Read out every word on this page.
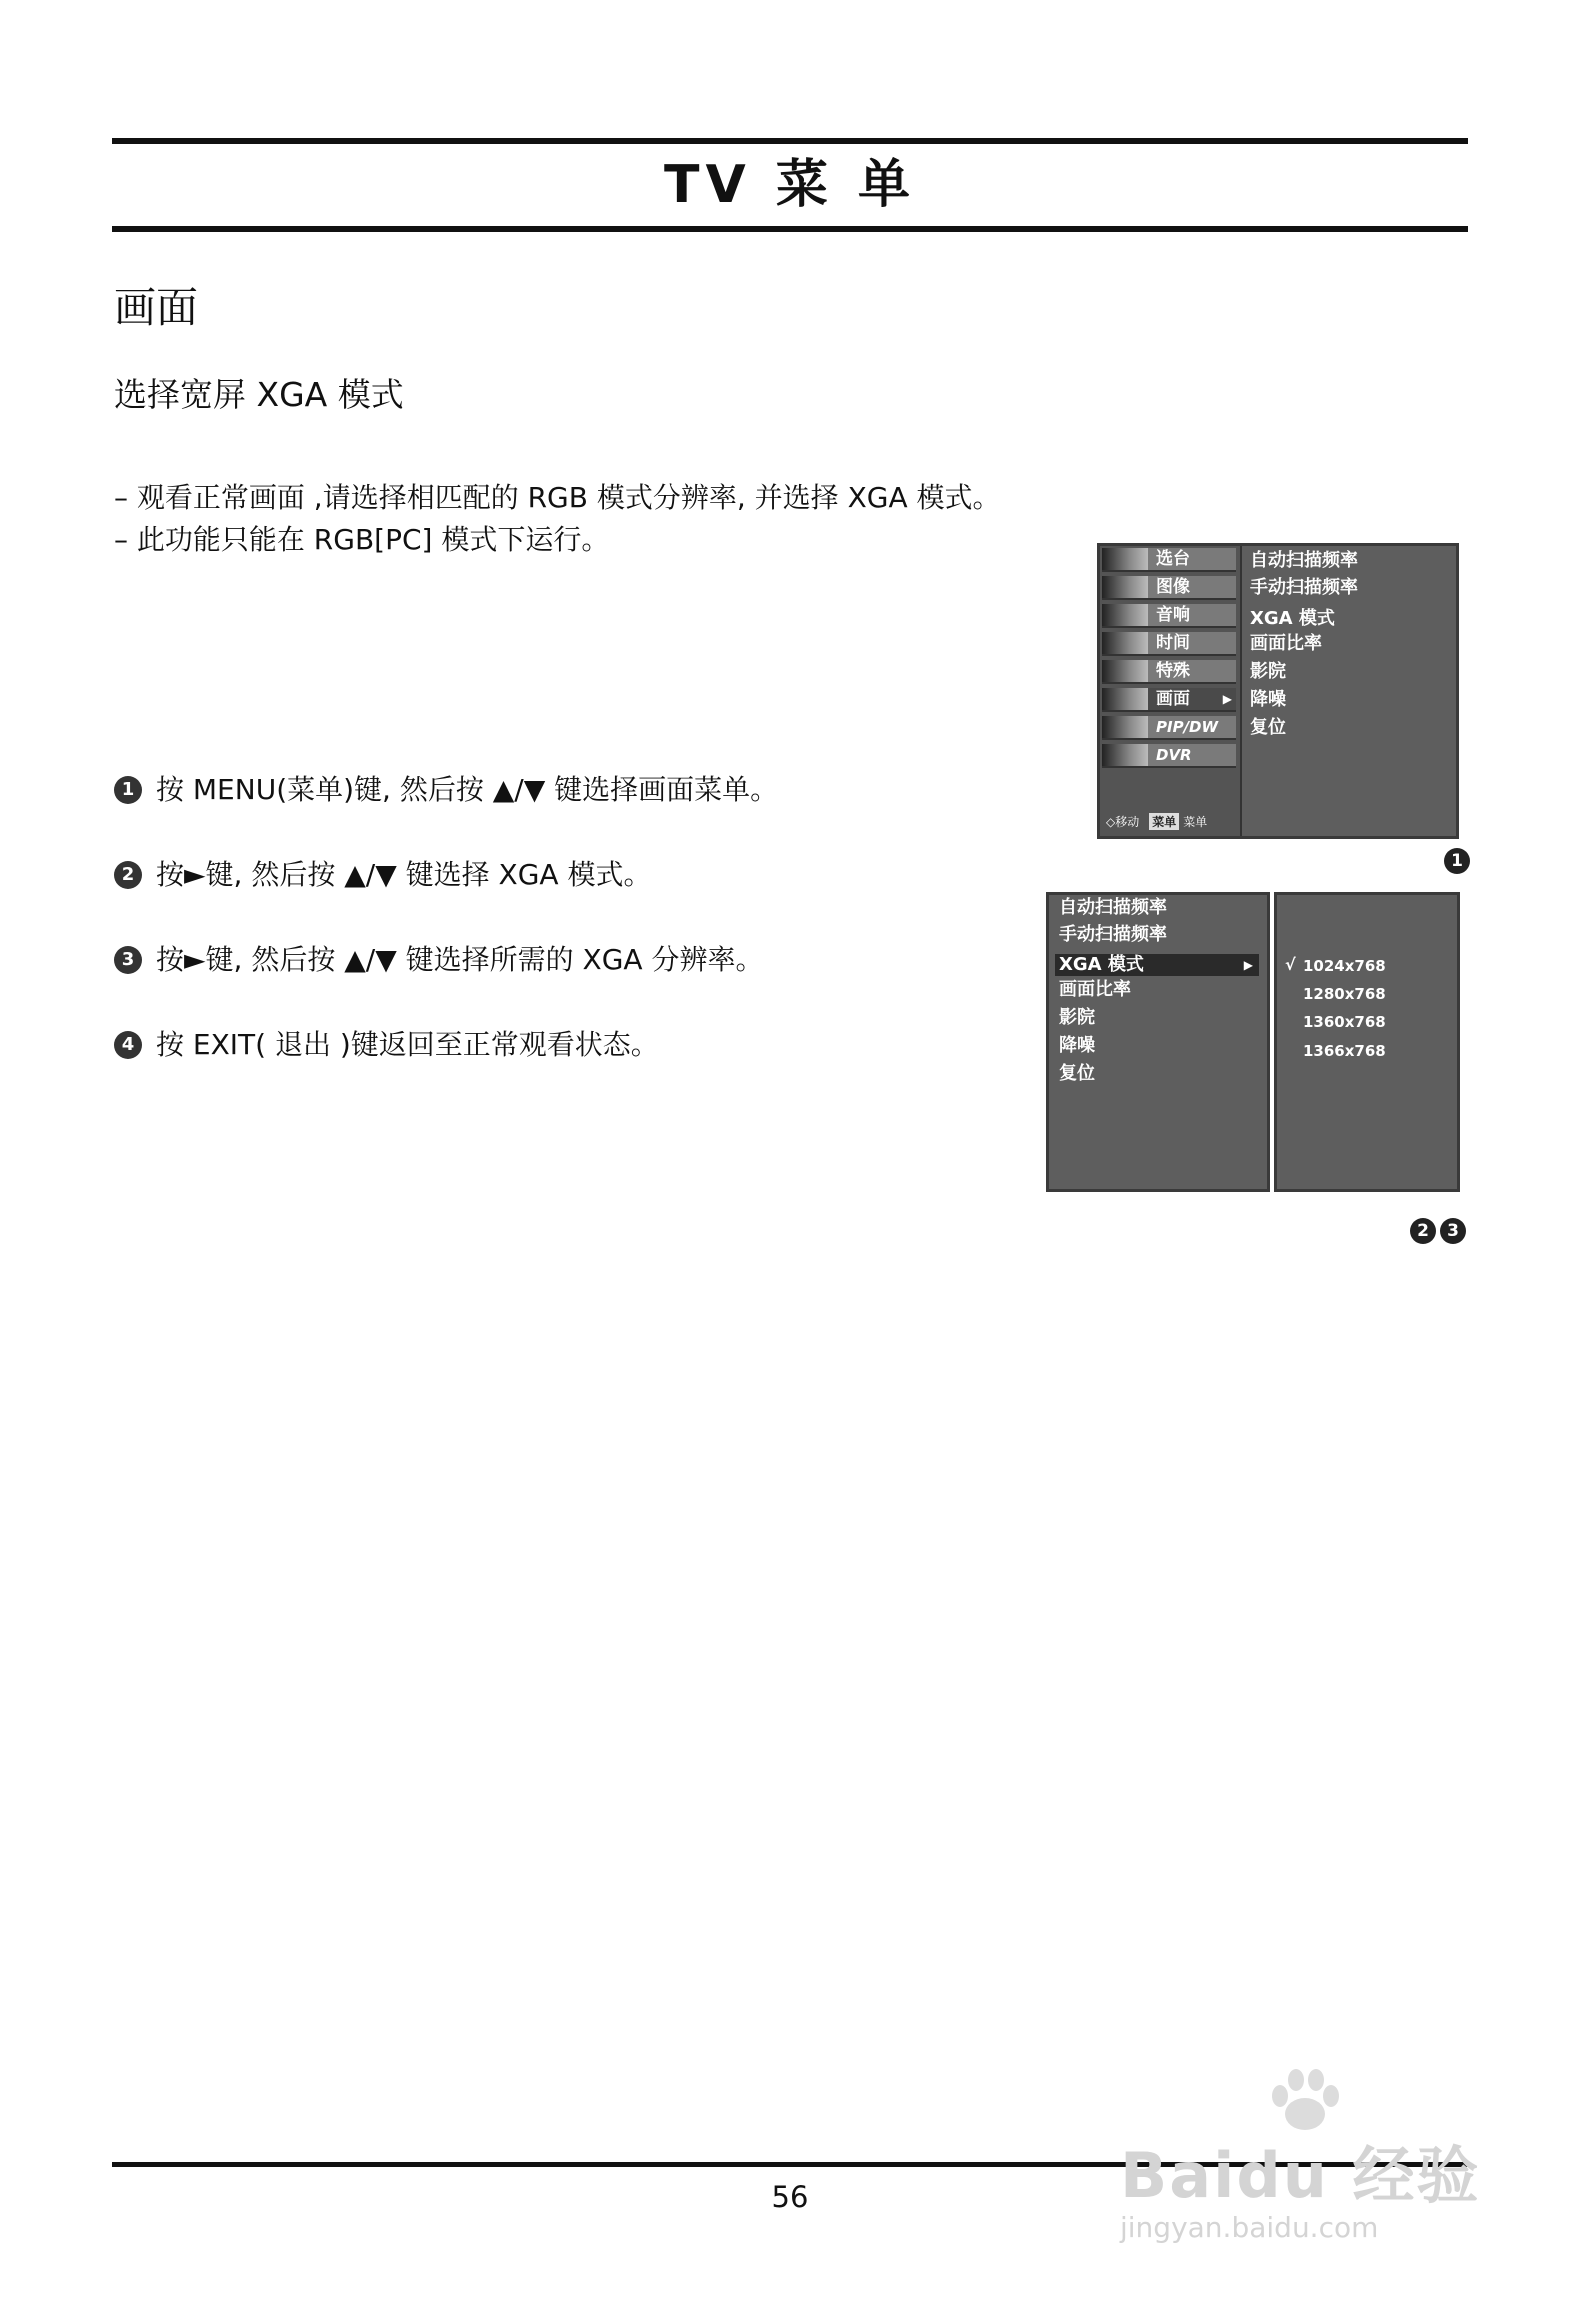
TV 菜 单
画面
选择宽屏 XGA 模式
– 观看正常画面 ,请选择相匹配的 RGB 模式分辨率, 并选择 XGA 模式。
– 此功能只能在 RGB[PC] 模式下运行。
1 按 MENU(菜单)键, 然后按 ▲/▼ 键选择画面菜单。
2 按►键, 然后按 ▲/▼ 键选择 XGA 模式。
3 按►键, 然后按 ▲/▼ 键选择所需的 XGA 分辨率。
4 按 EXIT( 退出 )键返回至正常观看状态。
选台
图像
音响
时间
特殊
画面	▶
PIP/DW
DVR
◇移动 菜单 菜单
自动扫描频率
手动扫描频率
XGA 模式
画面比率
影院
降噪
复位
1
自动扫描频率
手动扫描频率
XGA 模式	▶
画面比率
影院
降噪
复位
√ 1024x768
1280x768
1360x768
1366x768
2 3
56	Baidu 经验
jingyan.baidu.com
